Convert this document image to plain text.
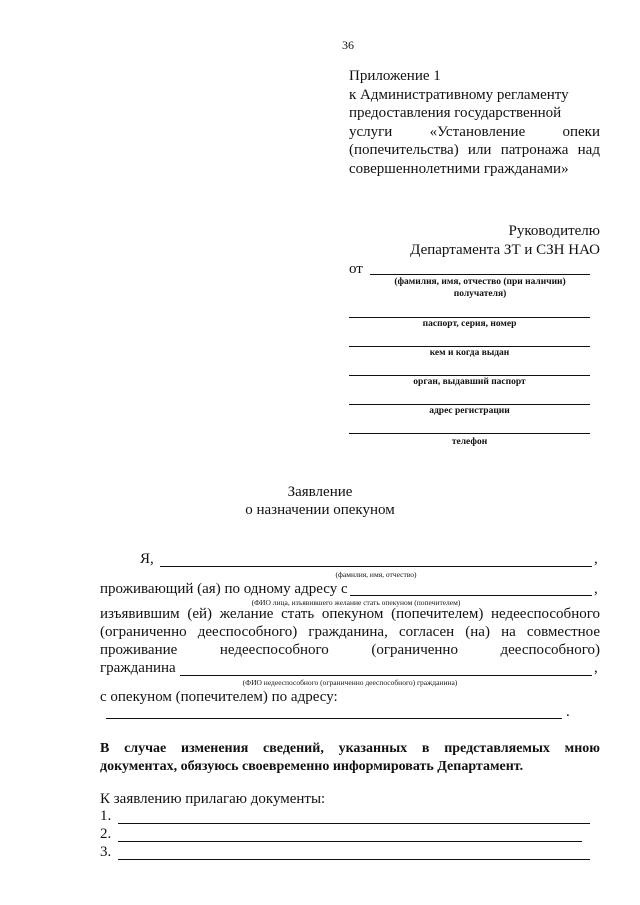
36
Приложение 1
к Административному регламенту
предоставления государственной
услуги «Установление опеки
(попечительства) или патронажа над
совершеннолетними гражданами»
Руководителю
Департамента ЗТ и СЗН НАО
от
(фамилия, имя, отчество (при наличии)
получателя)
паспорт, серия, номер
кем и когда выдан
орган, выдавший паспорт
адрес регистрации
телефон
Заявление
о назначении опекуном
Я,	,
(фамилия, имя, отчество)
проживающий (ая) по одному адресу с	,
(ФИО лица, изъявившего желание стать опекуном (попечителем)
изъявившим (ей) желание стать опекуном (попечителем) недееспособного
(ограниченно дееспособного) гражданина, согласен (на) на совместное
проживание	недееспособного	(ограниченно	дееспособного)
гражданина	,
(ФИО недееспособного (ограниченно дееспособного) гражданина)
с опекуном (попечителем) по адресу:
.
В случае изменения сведений, указанных в представляемых мною
документах, обязуюсь своевременно информировать Департамент.
К заявлению прилагаю документы:
1.
2.
3.
